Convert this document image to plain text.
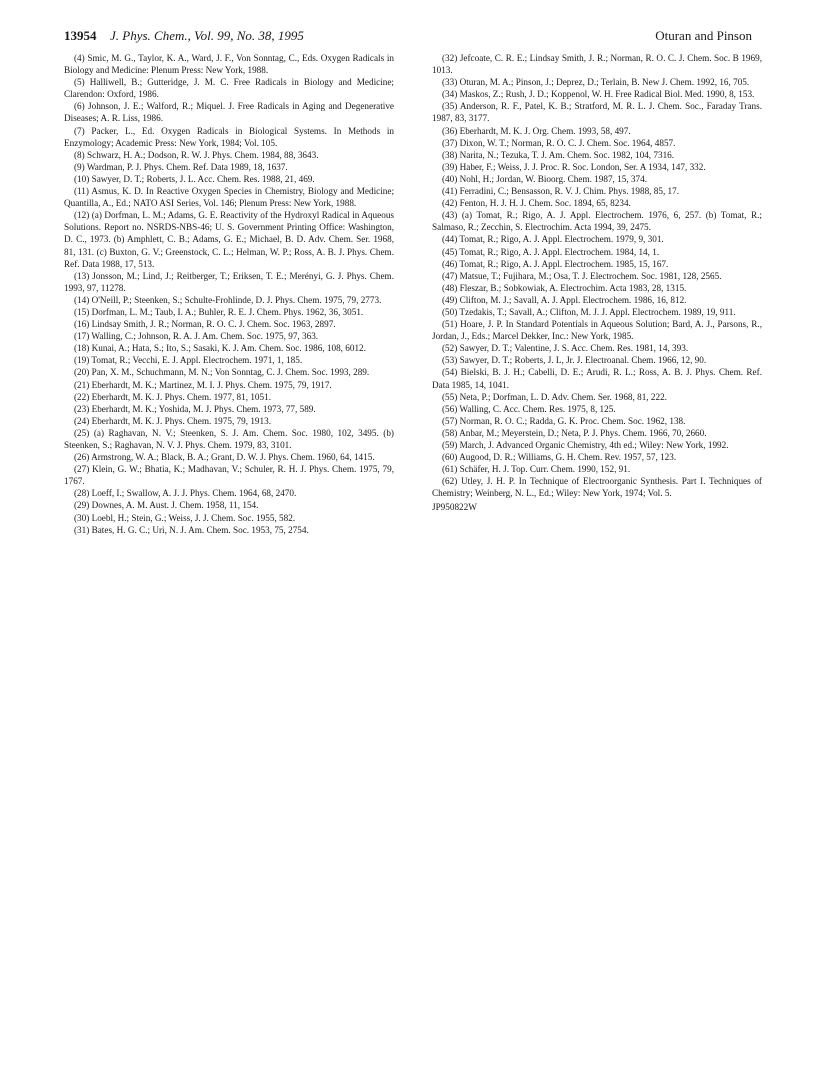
13954 J. Phys. Chem., Vol. 99, No. 38, 1995	Oturan and Pinson

(4) Smic, M. G., Taylor, K. A., Ward, J. F., Von Sonntag, C., Eds. Oxygen Radicals in Biology and Medicine: Plenum Press: New York, 1988.

(5) Halliwell, B.; Gutteridge, J. M. C. Free Radicals in Biology and Medicine; Clarendon: Oxford, 1986.

(6) Johnson, J. E.; Walford, R.; Miquel. J. Free Radicals in Aging and Degenerative Diseases; A. R. Liss, 1986.

(7) Packer, L., Ed. Oxygen Radicals in Biological Systems. In Methods in Enzymology; Academic Press: New York, 1984; Vol. 105.

(8) Schwarz, H. A.; Dodson, R. W. J. Phys. Chem. 1984, 88, 3643.

(9) Wardman, P. J. Phys. Chem. Ref. Data 1989, 18, 1637.

(10) Sawyer, D. T.; Roberts, J. L. Acc. Chem. Res. 1988, 21, 469.

(11) Asmus, K. D. In Reactive Oxygen Species in Chemistry, Biology and Medicine; Quantilla, A., Ed.; NATO ASI Series, Vol. 146; Plenum Press: New York, 1988.

(12) (a) Dorfman, L. M.; Adams, G. E. Reactivity of the Hydroxyl Radical in Aqueous Solutions. Report no. NSRDS-NBS-46; U. S. Government Printing Office: Washington, D. C., 1973. (b) Amphlett, C. B.; Adams, G. E.; Michael, B. D. Adv. Chem. Ser. 1968, 81, 131. (c) Buxton, G. V.; Greenstock, C. L.; Helman, W. P.; Ross, A. B. J. Phys. Chem. Ref. Data 1988, 17, 513.

(13) Jonsson, M.; Lind, J.; Reitberger, T.; Eriksen, T. E.; Merényi, G. J. Phys. Chem. 1993, 97, 11278.

(14) O'Neill, P.; Steenken, S.; Schulte-Frohlinde, D. J. Phys. Chem. 1975, 79, 2773.

(15) Dorfman, L. M.; Taub, I. A.; Buhler, R. E. J. Chem. Phys. 1962, 36, 3051.

(16) Lindsay Smith, J. R.; Norman, R. O. C. J. Chem. Soc. 1963, 2897.

(17) Walling, C.; Johnson, R. A. J. Am. Chem. Soc. 1975, 97, 363.

(18) Kunai, A.; Hata, S.; Ito, S.; Sasaki, K. J. Am. Chem. Soc. 1986, 108, 6012.

(19) Tomat, R.; Vecchi, E. J. Appl. Electrochem. 1971, 1, 185.

(20) Pan, X. M., Schuchmann, M. N.; Von Sonntag, C. J. Chem. Soc. 1993, 289.

(21) Eberhardt, M. K.; Martinez, M. I. J. Phys. Chem. 1975, 79, 1917.

(22) Eberhardt, M. K. J. Phys. Chem. 1977, 81, 1051.

(23) Eberhardt, M. K.; Yoshida, M. J. Phys. Chem. 1973, 77, 589.

(24) Eberhardt, M. K. J. Phys. Chem. 1975, 79, 1913.

(25) (a) Raghavan, N. V.; Steenken, S. J. Am. Chem. Soc. 1980, 102, 3495. (b) Steenken, S.; Raghavan, N. V. J. Phys. Chem. 1979, 83, 3101.

(26) Armstrong, W. A.; Black, B. A.; Grant, D. W. J. Phys. Chem. 1960, 64, 1415.

(27) Klein, G. W.; Bhatia, K.; Madhavan, V.; Schuler, R. H. J. Phys. Chem. 1975, 79, 1767.

(28) Loeff, I.; Swallow, A. J. J. Phys. Chem. 1964, 68, 2470.

(29) Downes, A. M. Aust. J. Chem. 1958, 11, 154.

(30) Loebl, H.; Stein, G.; Weiss, J. J. Chem. Soc. 1955, 582.

(31) Bates, H. G. C.; Uri, N. J. Am. Chem. Soc. 1953, 75, 2754.

(32) Jefcoate, C. R. E.; Lindsay Smith, J. R.; Norman, R. O. C. J. Chem. Soc. B 1969, 1013.

(33) Oturan, M. A.; Pinson, J.; Deprez, D.; Terlain, B. New J. Chem. 1992, 16, 705.

(34) Maskos, Z.; Rush, J. D.; Koppenol, W. H. Free Radical Biol. Med. 1990, 8, 153.

(35) Anderson, R. F., Patel, K. B.; Stratford, M. R. L. J. Chem. Soc., Faraday Trans. 1987, 83, 3177.

(36) Eberhardt, M. K. J. Org. Chem. 1993, 58, 497.

(37) Dixon, W. T.; Norman, R. O. C. J. Chem. Soc. 1964, 4857.

(38) Narita, N.; Tezuka, T. J. Am. Chem. Soc. 1982, 104, 7316.

(39) Haber, F.; Weiss, J. J. Proc. R. Soc. London, Ser. A 1934, 147, 332.

(40) Nohl, H.; Jordan, W. Bioorg. Chem. 1987, 15, 374.

(41) Ferradini, C.; Bensasson, R. V. J. Chim. Phys. 1988, 85, 17.

(42) Fenton, H. J. H. J. Chem. Soc. 1894, 65, 8234.

(43) (a) Tomat, R.; Rigo, A. J. Appl. Electrochem. 1976, 6, 257. (b) Tomat, R.; Salmaso, R.; Zecchin, S. Electrochim. Acta 1994, 39, 2475.

(44) Tomat, R.; Rigo, A. J. Appl. Electrochem. 1979, 9, 301.

(45) Tomat, R.; Rigo, A. J. Appl. Electrochem. 1984, 14, 1.

(46) Tomat, R.; Rigo, A. J. Appl. Electrochem. 1985, 15, 167.

(47) Matsue, T.; Fujihara, M.; Osa, T. J. Electrochem. Soc. 1981, 128, 2565.

(48) Fleszar, B.; Sobkowiak, A. Electrochim. Acta 1983, 28, 1315.

(49) Clifton, M. J.; Savall, A. J. Appl. Electrochem. 1986, 16, 812.

(50) Tzedakis, T.; Savall, A.; Clifton, M. J. J. Appl. Electrochem. 1989, 19, 911.

(51) Hoare, J. P. In Standard Potentials in Aqueous Solution; Bard, A. J., Parsons, R., Jordan, J., Eds.; Marcel Dekker, Inc.: New York, 1985.

(52) Sawyer, D. T.; Valentine, J. S. Acc. Chem. Res. 1981, 14, 393.

(53) Sawyer, D. T.; Roberts, J. L, Jr. J. Electroanal. Chem. 1966, 12, 90.

(54) Bielski, B. J. H.; Cabelli, D. E.; Arudi, R. L.; Ross, A. B. J. Phys. Chem. Ref. Data 1985, 14, 1041.

(55) Neta, P.; Dorfman, L. D. Adv. Chem. Ser. 1968, 81, 222.

(56) Walling, C. Acc. Chem. Res. 1975, 8, 125.

(57) Norman, R. O. C.; Radda, G. K. Proc. Chem. Soc. 1962, 138.

(58) Anbar, M.; Meyerstein, D.; Neta, P. J. Phys. Chem. 1966, 70, 2660.

(59) March, J. Advanced Organic Chemistry, 4th ed.; Wiley: New York, 1992.

(60) Augood, D. R.; Williams, G. H. Chem. Rev. 1957, 57, 123.

(61) Schäfer, H. J. Top. Curr. Chem. 1990, 152, 91.

(62) Utley, J. H. P. In Technique of Electroorganic Synthesis. Part I. Techniques of Chemistry; Weinberg, N. L., Ed.; Wiley: New York, 1974; Vol. 5.

JP950822W
